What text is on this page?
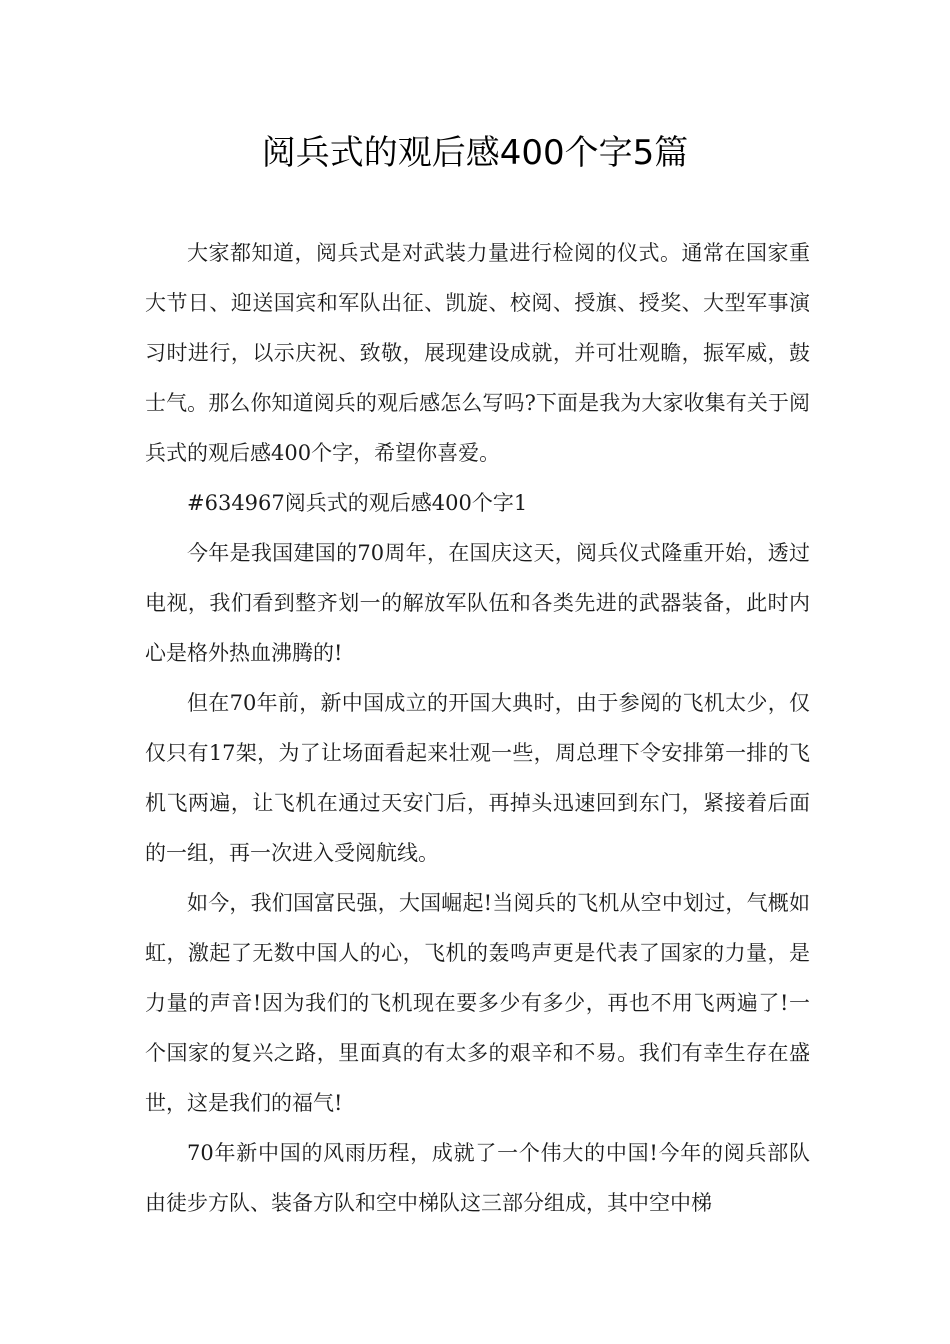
阅兵式的观后感400个字5篇

大家都知道，阅兵式是对武装力量进行检阅的仪式。通常在国家重大节日、迎送国宾和军队出征、凯旋、校阅、授旗、授奖、大型军事演习时进行，以示庆祝、致敬，展现建设成就，并可壮观瞻，振军威，鼓士气。那么你知道阅兵的观后感怎么写吗?下面是我为大家收集有关于阅兵式的观后感400个字，希望你喜爱。

#634967阅兵式的观后感400个字1

今年是我国建国的70周年，在国庆这天，阅兵仪式隆重开始，透过电视，我们看到整齐划一的解放军队伍和各类先进的武器装备，此时内心是格外热血沸腾的!

但在70年前，新中国成立的开国大典时，由于参阅的飞机太少，仅仅只有17架，为了让场面看起来壮观一些，周总理下令安排第一排的飞机飞两遍，让飞机在通过天安门后，再掉头迅速回到东门，紧接着后面的一组，再一次进入受阅航线。

如今，我们国富民强，大国崛起!当阅兵的飞机从空中划过，气概如虹，激起了无数中国人的心，飞机的轰鸣声更是代表了国家的力量，是力量的声音!因为我们的飞机现在要多少有多少，再也不用飞两遍了!一个国家的复兴之路，里面真的有太多的艰辛和不易。我们有幸生存在盛世，这是我们的福气!

70年新中国的风雨历程，成就了一个伟大的中国!今年的阅兵部队由徒步方队、装备方队和空中梯队这三部分组成，其中空中梯
